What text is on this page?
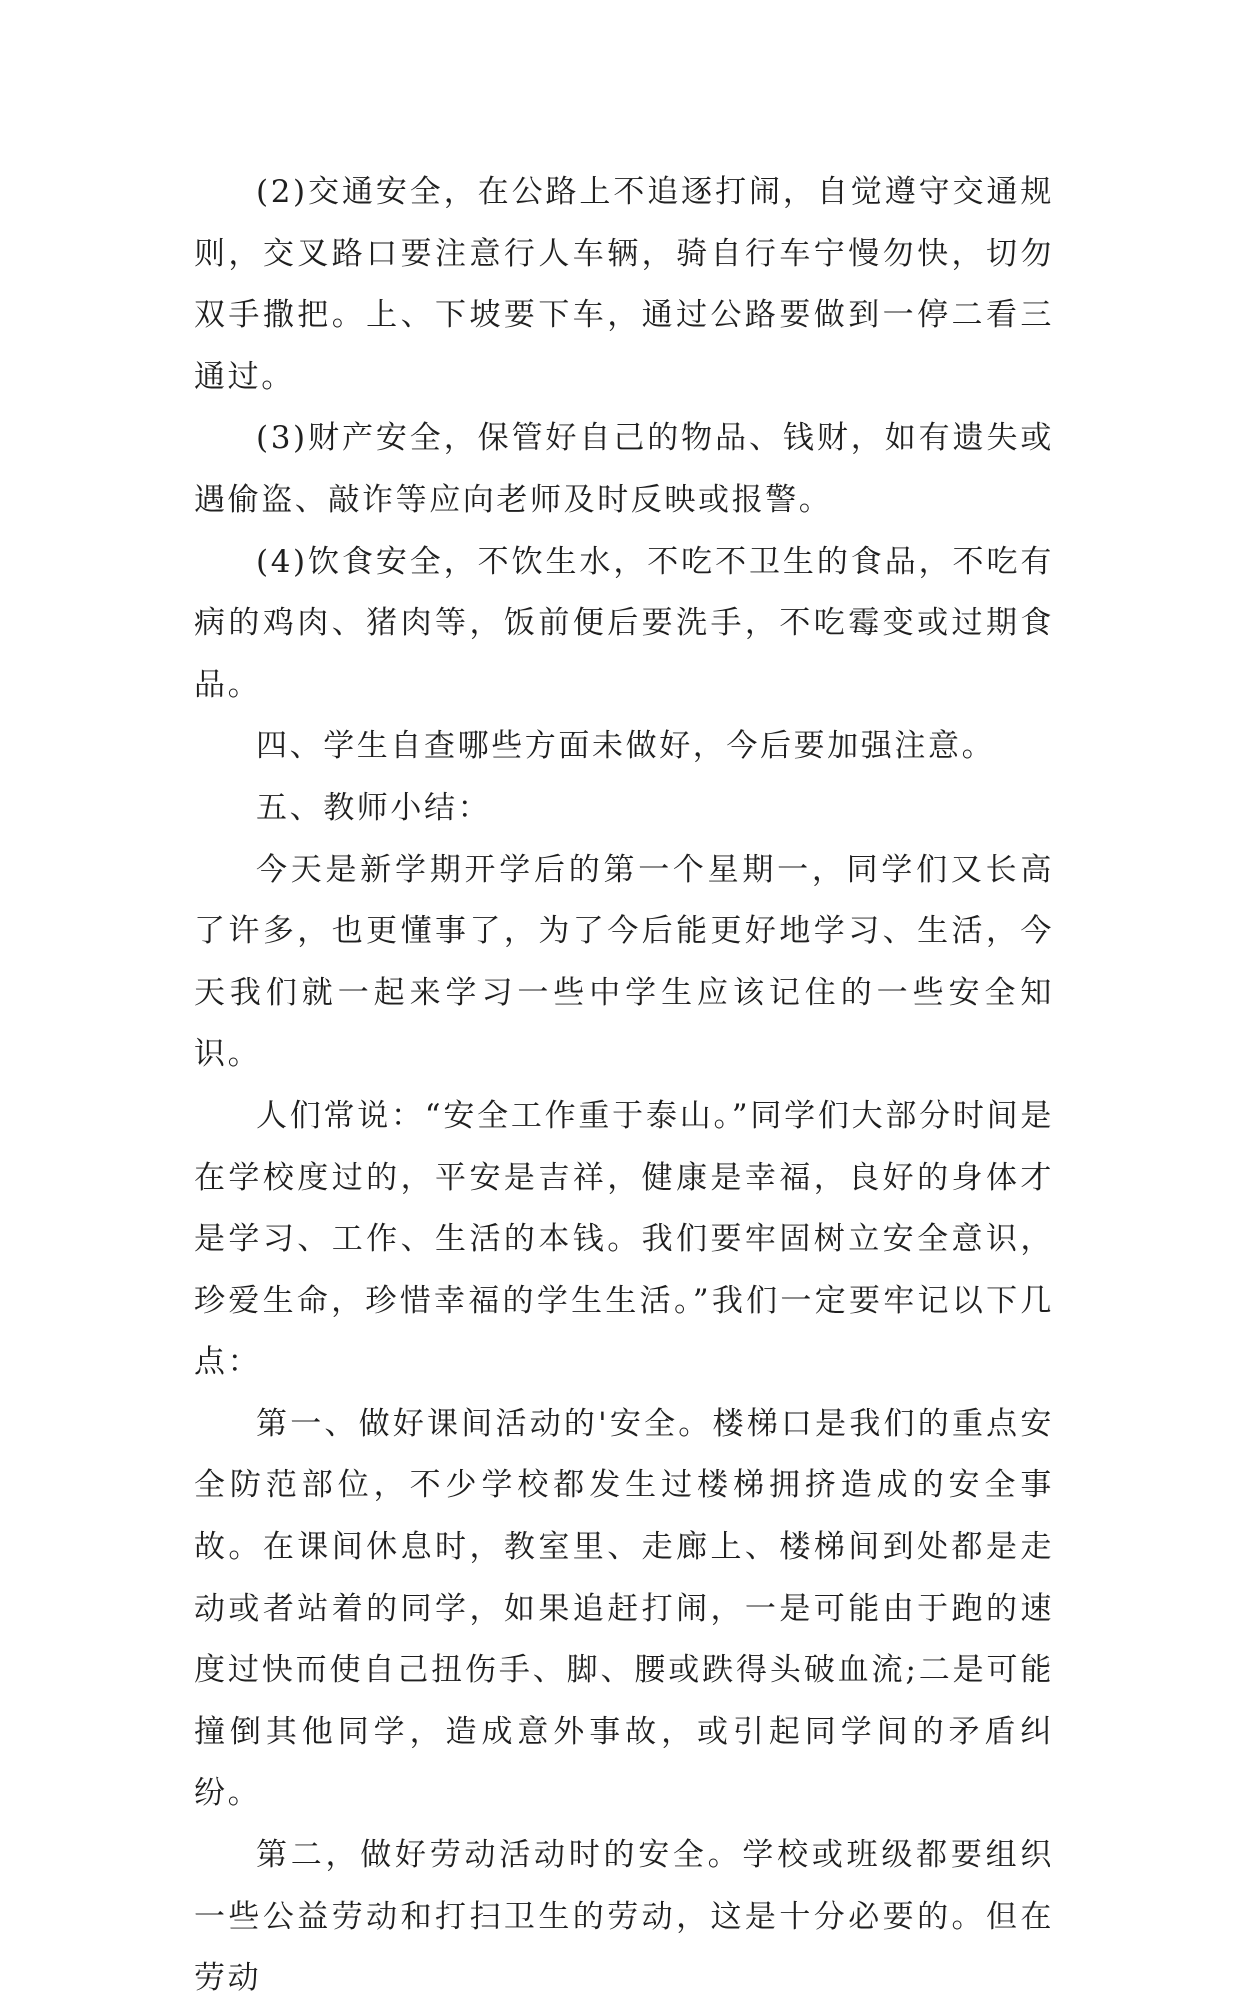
(2)交通安全，在公路上不追逐打闹，自觉遵守交通规则，交叉路口要注意行人车辆，骑自行车宁慢勿快，切勿双手撒把。上、下坡要下车，通过公路要做到一停二看三通过。

(3)财产安全，保管好自己的物品、钱财，如有遗失或遇偷盗、敲诈等应向老师及时反映或报警。

(4)饮食安全，不饮生水，不吃不卫生的食品，不吃有病的鸡肉、猪肉等，饭前便后要洗手，不吃霉变或过期食品。

四、学生自查哪些方面未做好，今后要加强注意。

五、教师小结：

今天是新学期开学后的第一个星期一，同学们又长高了许多，也更懂事了，为了今后能更好地学习、生活，今天我们就一起来学习一些中学生应该记住的一些安全知识。

人们常说：“安全工作重于泰山。”同学们大部分时间是在学校度过的，平安是吉祥，健康是幸福，良好的身体才是学习、工作、生活的本钱。我们要牢固树立安全意识，珍爱生命，珍惜幸福的学生生活。”我们一定要牢记以下几点：

第一、做好课间活动的'安全。楼梯口是我们的重点安全防范部位，不少学校都发生过楼梯拥挤造成的安全事故。在课间休息时，教室里、走廊上、楼梯间到处都是走动或者站着的同学，如果追赶打闹，一是可能由于跑的速度过快而使自己扭伤手、脚、腰或跌得头破血流;二是可能撞倒其他同学，造成意外事故，或引起同学间的矛盾纠纷。

第二，做好劳动活动时的安全。学校或班级都要组织一些公益劳动和打扫卫生的劳动，这是十分必要的。但在劳动
